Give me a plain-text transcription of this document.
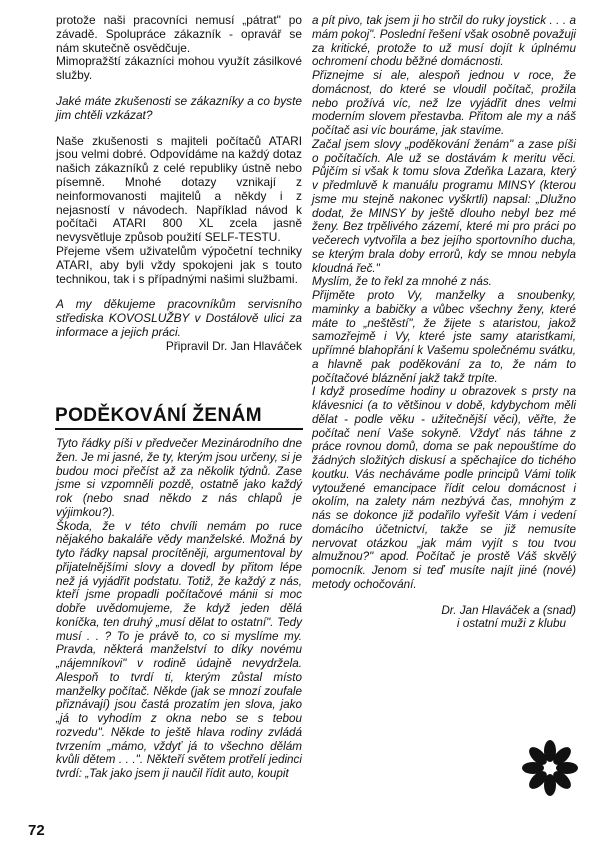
protože naši pracovníci nemusí „pátrat" po závadě. Spolupráce zákazník - opravář se nám skutečně osvědčuje.

Mimopražští zákazníci mohou využít zásilkové služby.

Jaké máte zkušenosti se zákazníky a co byste jim chtěli vzkázat?

Naše zkušenosti s majiteli počítačů ATARI jsou velmi dobré. Odpovídáme na každý dotaz našich zákazníků z celé republiky ústně nebo písemně. Mnohé dotazy vznikají z neinformovanosti majitelů a někdy i z nejasností v návodech. Například návod k počítači ATARI 800 XL zcela jasně nevysvětluje způsob použití SELF-TESTU.

Přejeme všem uživatelům výpočetní techniky ATARI, aby byli vždy spokojeni jak s touto technikou, tak i s případnými našimi službami.

A my děkujeme pracovníkům servisního střediska KOVOSLUŽBY v Dostálově ulici za informace a jejich práci.

Připravil Dr. Jan Hlaváček

PODĚKOVÁNÍ ŽENÁM

Tyto řádky píši v předvečer Mezinárodního dne žen. Je mi jasné, že ty, kterým jsou určeny, si je budou moci přečíst až za několik týdnů. Zase jsme si vzpomněli pozdě, ostatně jako každý rok (nebo snad někdo z nás chlapů je výjimkou?).

Škoda, že v této chvíli nemám po ruce nějakého bakaláře vědy manželské. Možná by tyto řádky napsal procítěněji, argumentoval by přijatelnějšími slovy a dovedl by přitom lépe než já vyjádřit podstatu. Totiž, že každý z nás, kteří jsme propadli počítačové mánii si moc dobře uvědomujeme, že když jeden dělá koníčka, ten druhý „musí dělat to ostatní". Tedy musí . . ? To je právě to, co si myslíme my. Pravda, některá manželství to díky novému „nájemníkovi" v rodině údajně nevydržela. Alespoň to tvrdí ti, kterým zůstal místo manželky počítač. Někde (jak se mnozí zoufale přiznávají) jsou častá prozatím jen slova, jako „já to vyhodím z okna nebo se s tebou rozvedu". Někde to ještě hlava rodiny zvládá tvrzením „mámo, vždyť já to všechno dělám kvůli dětem . . .". Někteří světem protřelí jedinci tvrdí: „Tak jako jsem ji naučil řídit auto, koupit

a pít pivo, tak jsem ji ho strčil do ruky joystick . . . a mám pokoj". Poslední řešení však osobně považuji za kritické, protože to už musí dojít k úplnému ochromení chodu běžné domácnosti.

Přiznejme si ale, alespoň jednou v roce, že domácnost, do které se vloudil počítač, prožila nebo prožívá víc, než lze vyjádřit dnes velmi moderním slovem přestavba. Přitom ale my a náš počítač asi víc bouráme, jak stavíme.

Začal jsem slovy „poděkování ženám" a zase píši o počítačích. Ale už se dostávám k meritu věci. Půjčím si však k tomu slova Zdeňka Lazara, který v předmluvě k manuálu programu MINSY (kterou jsme mu stejně nakonec vyškrtli) napsal: „Dlužno dodat, že MINSY by ještě dlouho nebyl bez mé ženy. Bez trpělivého zázemí, které mi pro práci po večerech vytvořila a bez jejího sportovního ducha, se kterým brala doby errorů, kdy se mnou nebyla kloudná řeč."

Myslím, že to řekl za mnohé z nás.

Přijměte proto Vy, manželky a snoubenky, maminky a babičky a vůbec všechny ženy, které máte to „neštěstí", že žijete s ataristou, jakož samozřejmě i Vy, které jste samy ataristkami, upřímné blahopřání k Vašemu společnému svátku, a hlavně pak poděkování za to, že nám to počítačové bláznění jakž takž trpíte.

I když prosedíme hodiny u obrazovek s prsty na klávesnici (a to většinou v době, kdybychom měli dělat - podle věku - užitečnější věci), věřte, že počítač není Vaše sokyně. Vždyť nás táhne z práce rovnou domů, doma se pak nepouštíme do žádných složitých diskusí a spěchajíce do tichého koutku. Vás necháváme podle principů Vámi tolik vytoužené emancipace řídit celou domácnost i okolím, na zalety nám nezbývá čas, mnohým z nás se dokonce již podařilo vyřešit Vám i vedení domácího účetnictví, takže se již nemusíte nervovat otázkou „jak mám vyjít s tou tvou almužnou?" apod. Počítač je prostě Váš skvělý pomocník. Jenom si teď musíte najít jiné (nové) metody ochočování.

Dr. Jan Hlaváček a (snad)

i ostatní muži z klubu

72
